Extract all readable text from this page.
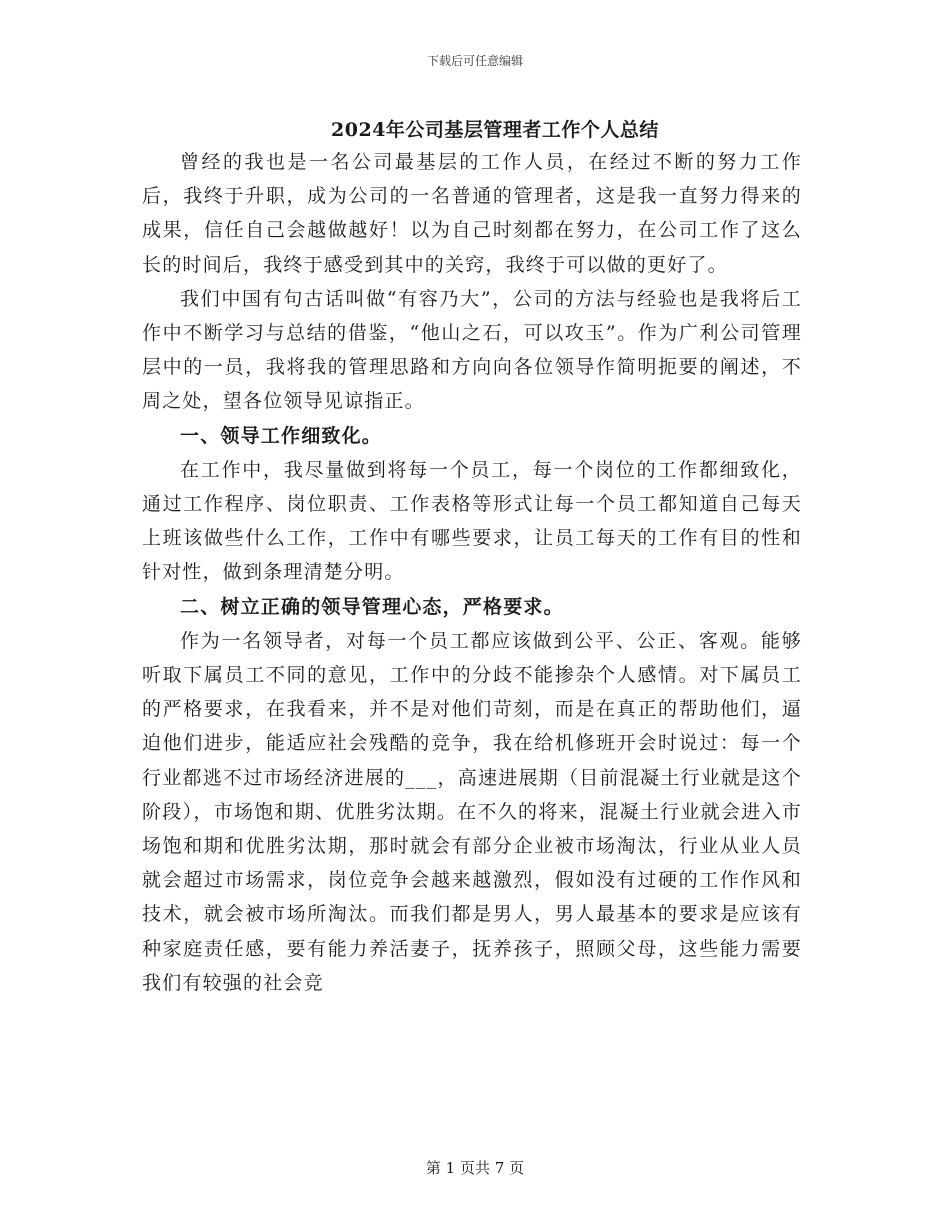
下载后可任意编辑
2024年公司基层管理者工作个人总结

曾经的我也是一名公司最基层的工作人员，在经过不断的努力工作后，我终于升职，成为公司的一名普通的管理者，这是我一直努力得来的成果，信任自己会越做越好！以为自己时刻都在努力，在公司工作了这么长的时间后，我终于感受到其中的关窍，我终于可以做的更好了。

我们中国有句古话叫做“有容乃大”，公司的方法与经验也是我将后工作中不断学习与总结的借鉴，“他山之石，可以攻玉”。作为广利公司管理层中的一员，我将我的管理思路和方向向各位领导作简明扼要的阐述，不周之处，望各位领导见谅指正。

一、领导工作细致化。

在工作中，我尽量做到将每一个员工，每一个岗位的工作都细致化，通过工作程序、岗位职责、工作表格等形式让每一个员工都知道自己每天上班该做些什么工作，工作中有哪些要求，让员工每天的工作有目的性和针对性，做到条理清楚分明。

二、树立正确的领导管理心态，严格要求。

作为一名领导者，对每一个员工都应该做到公平、公正、客观。能够听取下属员工不同的意见，工作中的分歧不能掺杂个人感情。对下属员工的严格要求，在我看来，并不是对他们苛刻，而是在真正的帮助他们，逼迫他们进步，能适应社会残酷的竞争，我在给机修班开会时说过：每一个行业都逃不过市场经济进展的___，高速进展期（目前混凝土行业就是这个阶段），市场饱和期、优胜劣汰期。在不久的将来，混凝土行业就会进入市场饱和期和优胜劣汰期，那时就会有部分企业被市场淘汰，行业从业人员就会超过市场需求，岗位竞争会越来越激烈，假如没有过硬的工作作风和技术，就会被市场所淘汰。而我们都是男人，男人最基本的要求是应该有种家庭责任感，要有能力养活妻子，抚养孩子，照顾父母，这些能力需要我们有较强的社会竞

第 1 页共 7 页
